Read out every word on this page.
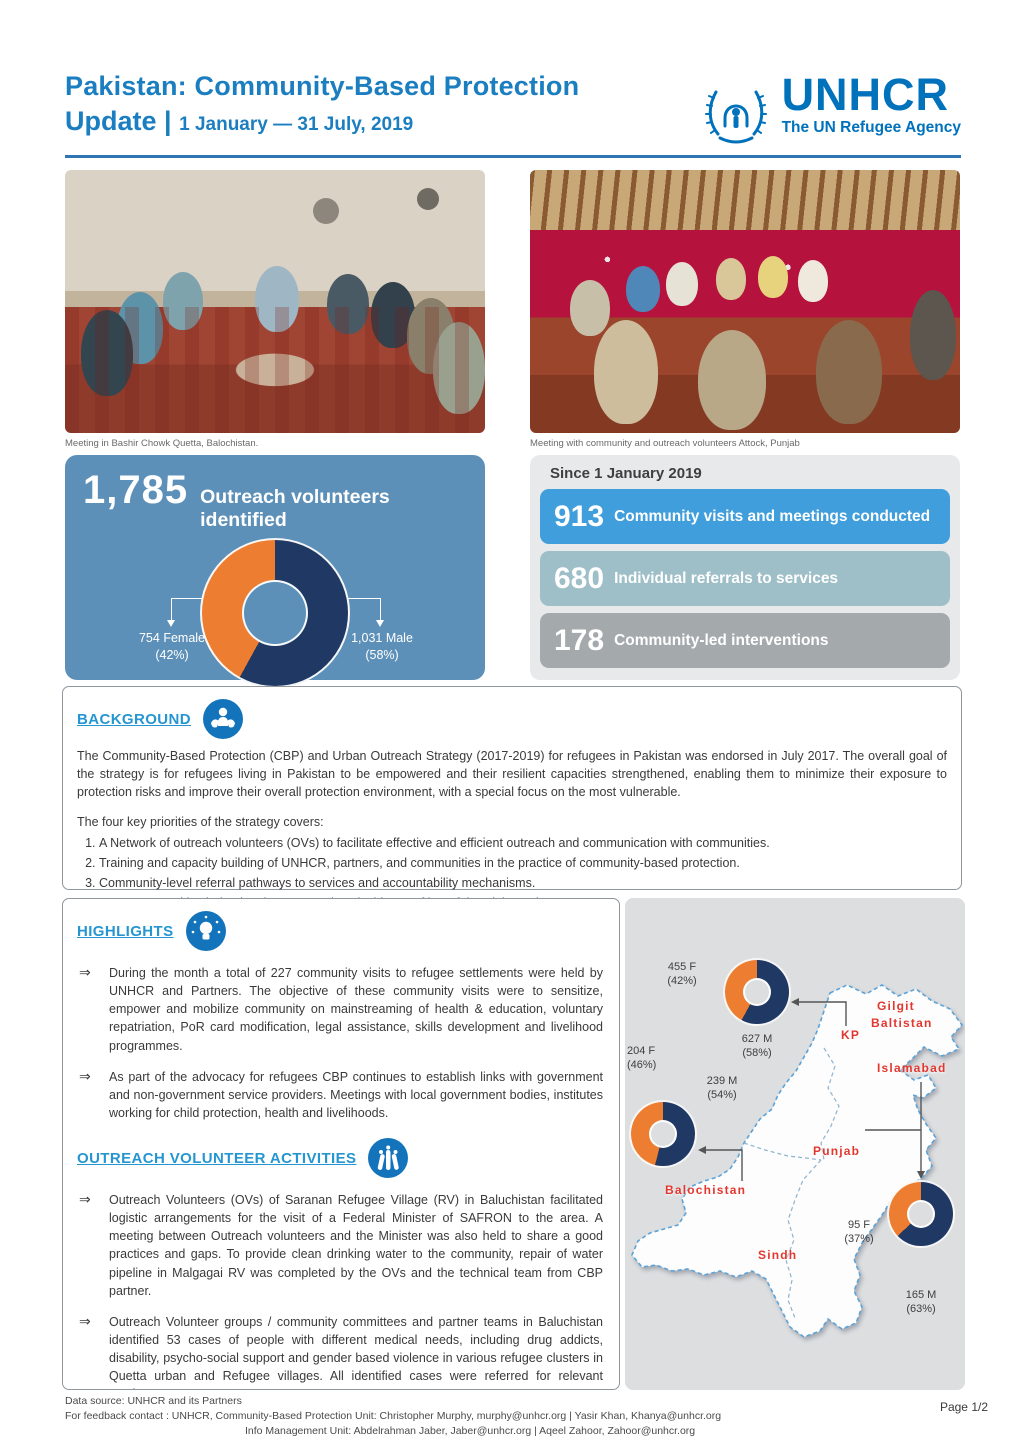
Pakistan: Community-Based Protection
Update | 1 January — 31 July, 2019
UNHCR
The UN Refugee Agency
Meeting in Bashir Chowk Quetta, Balochistan.	Meeting with community and outreach volunteers Attock, Punjab
1,785 Outreach volunteers identified
754 Female
(42%)
1,031 Male
(58%)
Since 1 January 2019
913 Community visits and meetings conducted
680 Individual referrals to services
178 Community-led interventions
BACKGROUND

The Community-Based Protection (CBP) and Urban Outreach Strategy (2017-2019) for refugees in Pakistan was endorsed in July 2017. The overall goal of the strategy is for refugees living in Pakistan to be empowered and their resilient capacities strengthened, enabling them to minimize their exposure to protection risks and improve their overall protection environment, with a special focus on the most vulnerable.

The four key priorities of the strategy covers:
1. A Network of outreach volunteers (OVs) to facilitate effective and efficient outreach and communication with communities.
2. Training and capacity building of UNHCR, partners, and communities in the practice of community-based protection.
3. Community-level referral pathways to services and accountability mechanisms.
4.
HIGHLIGHTS
⇒	During the month a total of 227 community visits to refugee settlements were held by UNHCR and Partners. The objective of these community visits were to sensitize, empower and mobilize community on mainstreaming of health & education, voluntary repatriation, PoR card modification, legal assistance, skills development and livelihood programmes.
⇒	As part of the advocacy for refugees CBP continues to establish links with government and non-government service providers. Meetings with local government bodies, institutes working for child protection, health and livelihoods.
OUTREACH VOLUNTEER ACTIVITIES
⇒	Outreach Volunteers (OVs) of Saranan Refugee Village (RV) in Baluchistan facilitated logistic arrangements for the visit of a Federal Minister of SAFRON to the area. A meeting between Outreach volunteers and the Minister was also held to share a good practices and gaps. To provide clean drinking water to the community, repair of water pipeline in Malgagai RV was completed by the OVs and the technical team from CBP partner.
⇒	Outreach Volunteer groups / community committees and partner teams in Baluchistan identified 53 cases of people with different medical needs, including drug addicts, disability, psycho-social support and gender based violence in various refugee clusters in Quetta urban and Refugee villages. All identified cases were referred for relevant
Gilgit
Baltistan
KP
Islamabad
Punjab
Balochistan
Sindh
455 F
(42%)
627 M
(58%)
204 F
(46%)
239 M
(54%)
95 F
(37%)
165 M
(63%)
Data source: UNHCR and its Partners
For feedback contact : UNHCR, Community-Based Protection Unit: Christopher Murphy, murphy@unhcr.org | Yasir Khan, Khanya@unhcr.org
Info Management Unit: Abdelrahman Jaber, Jaber@unhcr.org | Aqeel Zahoor, Zahoor@unhcr.org
Page 1/2
